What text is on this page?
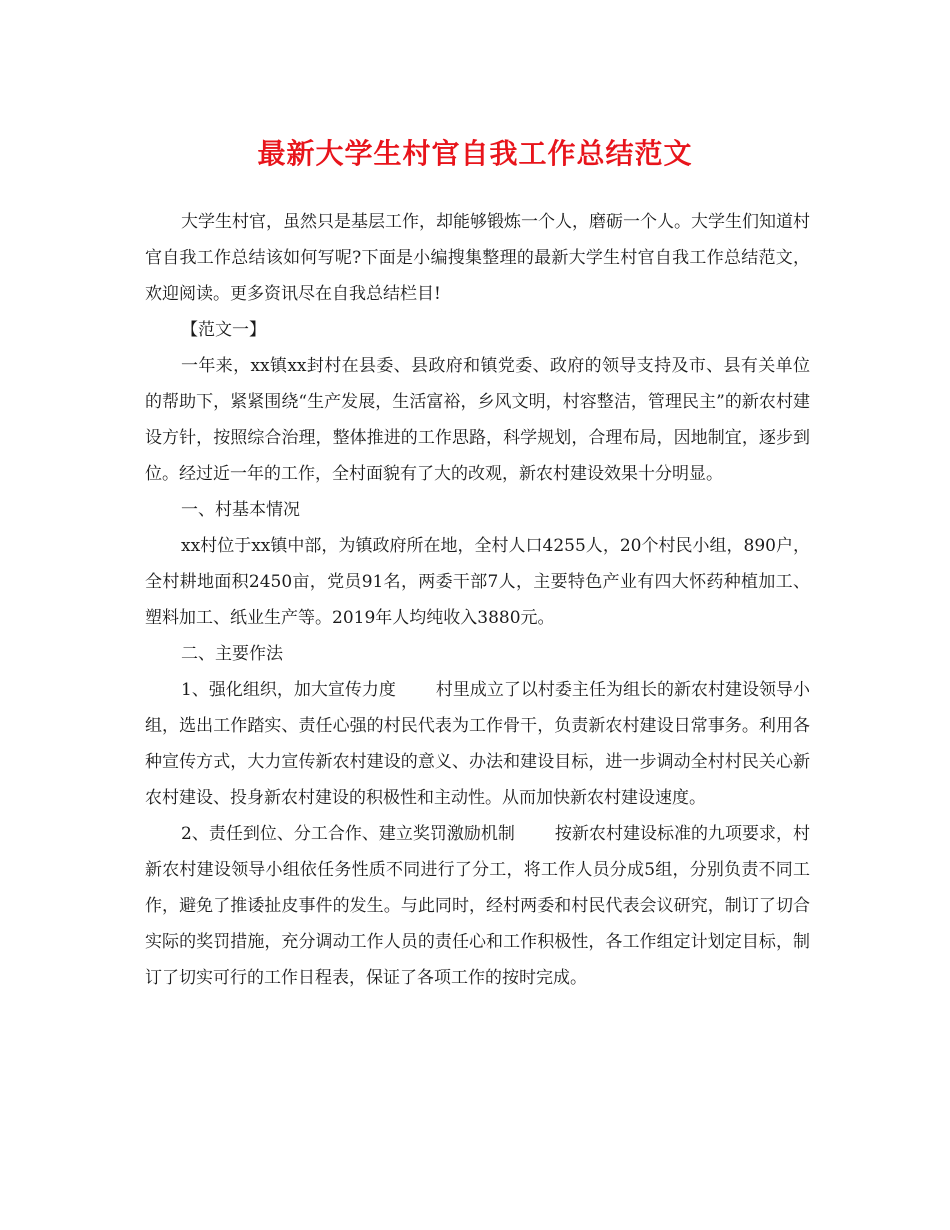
最新大学生村官自我工作总结范文

大学生村官，虽然只是基层工作，却能够锻炼一个人，磨砺一个人。大学生们知道村官自我工作总结该如何写呢?下面是小编搜集整理的最新大学生村官自我工作总结范文，欢迎阅读。更多资讯尽在自我总结栏目!

【范文一】

一年来，xx镇xx封村在县委、县政府和镇党委、政府的领导支持及市、县有关单位的帮助下，紧紧围绕“生产发展，生活富裕，乡风文明，村容整洁，管理民主”的新农村建设方针，按照综合治理，整体推进的工作思路，科学规划，合理布局，因地制宜，逐步到位。经过近一年的工作，全村面貌有了大的改观，新农村建设效果十分明显。

一、村基本情况

xx村位于xx镇中部，为镇政府所在地，全村人口4255人，20个村民小组，890户，全村耕地面积2450亩，党员91名，两委干部7人，主要特色产业有四大怀药种植加工、塑料加工、纸业生产等。2019年人均纯收入3880元。

二、主要作法

1、强化组织，加大宣传力度 村里成立了以村委主任为组长的新农村建设领导小组，选出工作踏实、责任心强的村民代表为工作骨干，负责新农村建设日常事务。利用各种宣传方式，大力宣传新农村建设的意义、办法和建设目标，进一步调动全村村民关心新农村建设、投身新农村建设的积极性和主动性。从而加快新农村建设速度。

2、责任到位、分工合作、建立奖罚激励机制 按新农村建设标准的九项要求，村新农村建设领导小组依任务性质不同进行了分工，将工作人员分成5组，分别负责不同工作，避免了推诿扯皮事件的发生。与此同时，经村两委和村民代表会议研究，制订了切合实际的奖罚措施，充分调动工作人员的责任心和工作积极性，各工作组定计划定目标，制订了切实可行的工作日程表，保证了各项工作的按时完成。
